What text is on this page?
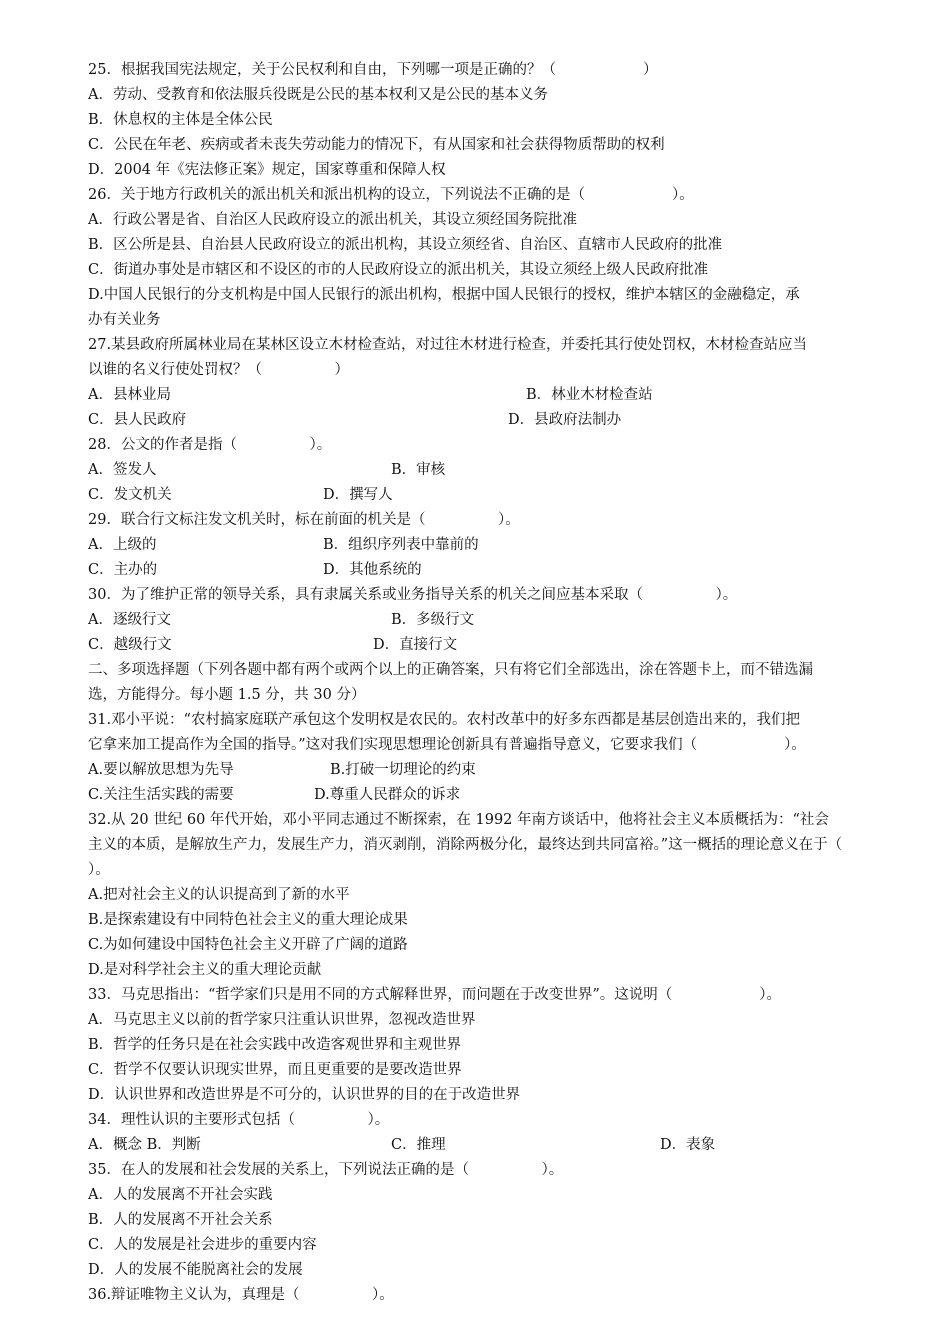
25．根据我国宪法规定，关于公民权利和自由，下列哪一项是正确的？（　　　　　　）
A．劳动、受教育和依法服兵役既是公民的基本权利又是公民的基本义务
B．休息权的主体是全体公民
C．公民在年老、疾病或者未丧失劳动能力的情况下，有从国家和社会获得物质帮助的权利
D．2004 年《宪法修正案》规定，国家尊重和保障人权
26．关于地方行政机关的派出机关和派出机构的设立，下列说法不正确的是（　　　　　　）。
A．行政公署是省、自治区人民政府设立的派出机关，其设立须经国务院批准
B．区公所是县、自治县人民政府设立的派出机构，其设立须经省、自治区、直辖市人民政府的批准
C．街道办事处是市辖区和不设区的市的人民政府设立的派出机关，其设立须经上级人民政府批准
D.中国人民银行的分支机构是中国人民银行的派出机构，根据中国人民银行的授权，维护本辖区的金融稳定，承
办有关业务
27.某县政府所属林业局在某林区设立木材检查站，对过往木材进行检查，并委托其行使处罚权，木材检查站应当
以谁的名义行使处罚权？（　　　　　）
A．县林业局	B．林业木材检查站
C．县人民政府	D．县政府法制办
28．公文的作者是指（　　　　　）。
A．签发人	B．审核
C．发文机关	D．撰写人
29．联合行文标注发文机关时，标在前面的机关是（　　　　　）。
A．上级的	B．组织序列表中靠前的
C．主办的	D．其他系统的
30．为了维护正常的领导关系，具有隶属关系或业务指导关系的机关之间应基本采取（　　　　　）。
A．逐级行文	B．多级行文
C．越级行文	D．直接行文
二、多项选择题（下列各题中都有两个或两个以上的正确答案，只有将它们全部选出，涂在答题卡上，而不错选漏
选，方能得分。每小题 1.5 分，共 30 分）
31.邓小平说：“农村搞家庭联产承包这个发明权是农民的。农村改革中的好多东西都是基层创造出来的，我们把
它拿来加工提高作为全国的指导。”这对我们实现思想理论创新具有普遍指导意义，它要求我们（　　　　　　）。
A.要以解放思想为先导	B.打破一切理论的约束
C.关注生活实践的需要	D.尊重人民群众的诉求
32.从 20 世纪 60 年代开始，邓小平同志通过不断探索，在 1992 年南方谈话中，他将社会主义本质概括为：“社会
主义的本质，是解放生产力，发展生产力，消灭剥削，消除两极分化，最终达到共同富裕。”这一概括的理论意义在于（
）。
A.把对社会主义的认识提高到了新的水平
B.是探索建设有中同特色社会主义的重大理论成果
C.为如何建设中国特色社会主义开辟了广阔的道路
D.是对科学社会主义的重大理论贡献
33．马克思指出：“哲学家们只是用不同的方式解释世界，而问题在于改变世界”。这说明（　　　　　　）。
A．马克思主义以前的哲学家只注重认识世界，忽视改造世界
B．哲学的任务只是在社会实践中改造客观世界和主观世界
C．哲学不仅要认识现实世界，而且更重要的是要改造世界
D．认识世界和改造世界是不可分的，认识世界的目的在于改造世界
34．理性认识的主要形式包括（　　　　　）。
A．概念 B．判断	C．推理	D．表象
35．在人的发展和社会发展的关系上，下列说法正确的是（　　　　　）。
A．人的发展离不开社会实践
B．人的发展离不开社会关系
C．人的发展是社会进步的重要内容
D．人的发展不能脱离社会的发展
36.辩证唯物主义认为，真理是（　　　　　）。
